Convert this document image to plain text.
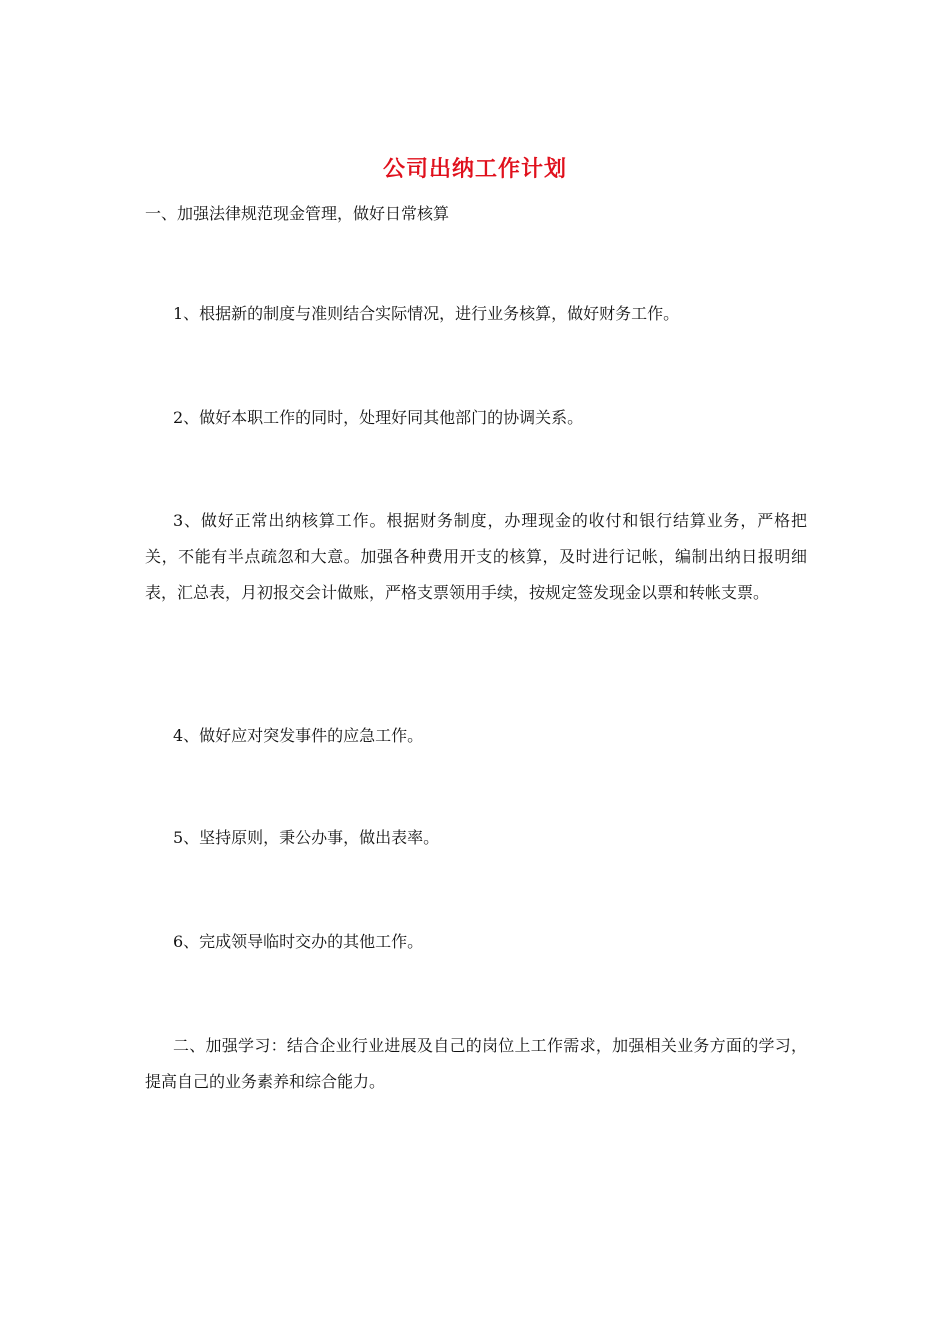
公司出纳工作计划
一、加强法律规范现金管理，做好日常核算
1、根据新的制度与准则结合实际情况，进行业务核算，做好财务工作。
2、做好本职工作的同时，处理好同其他部门的协调关系。
3、做好正常出纳核算工作。根据财务制度，办理现金的收付和银行结算业务，严格把关，不能有半点疏忽和大意。加强各种费用开支的核算，及时进行记帐，编制出纳日报明细表，汇总表，月初报交会计做账，严格支票领用手续，按规定签发现金以票和转帐支票。
4、做好应对突发事件的应急工作。
5、坚持原则，秉公办事，做出表率。
6、完成领导临时交办的其他工作。
二、加强学习：结合企业行业进展及自己的岗位上工作需求，加强相关业务方面的学习，提高自己的业务素养和综合能力。
